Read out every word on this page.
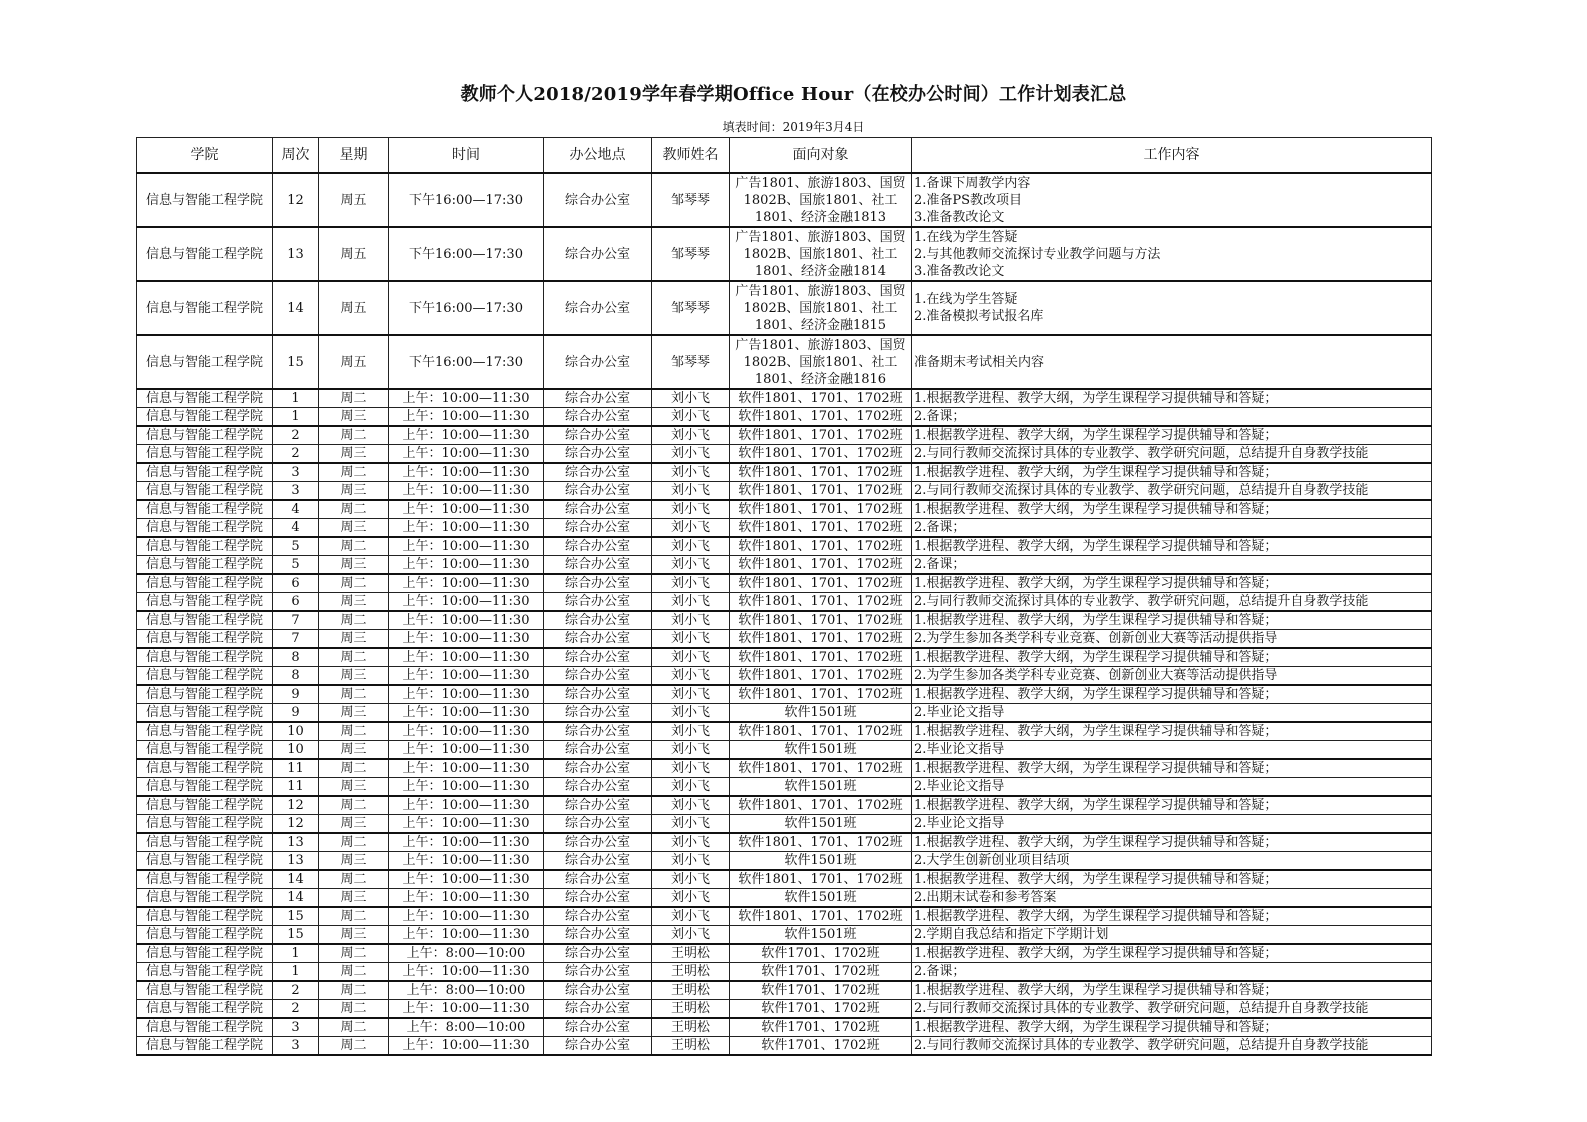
教师个人2018/2019学年春学期Office Hour（在校办公时间）工作计划表汇总
填表时间：2019年3月4日
学院	周次	星期	时间	办公地点	教师姓名	面向对象	工作内容
信息与智能工程学院	12	周五	下午16:00—17:30	综合办公室	邹琴琴	广告1801、旅游1803、国贸1802B、国旅1801、社工1801、经济金融1813	1.备课下周教学内容
2.准备PS教改项目
3.准备教改论文
信息与智能工程学院	13	周五	下午16:00—17:30	综合办公室	邹琴琴	广告1801、旅游1803、国贸1802B、国旅1801、社工1801、经济金融1814	1.在线为学生答疑
2.与其他教师交流探讨专业教学问题与方法
3.准备教改论文
信息与智能工程学院	14	周五	下午16:00—17:30	综合办公室	邹琴琴	广告1801、旅游1803、国贸1802B、国旅1801、社工1801、经济金融1815	1.在线为学生答疑
2.准备模拟考试报名库
信息与智能工程学院	15	周五	下午16:00—17:30	综合办公室	邹琴琴	广告1801、旅游1803、国贸1802B、国旅1801、社工1801、经济金融1816	准备期末考试相关内容
信息与智能工程学院	1	周二	上午：10:00—11:30	综合办公室	刘小飞	软件1801、1701、1702班	1.根据教学进程、教学大纲，为学生课程学习提供辅导和答疑；
信息与智能工程学院	1	周三	上午：10:00—11:30	综合办公室	刘小飞	软件1801、1701、1702班	2.备课；
信息与智能工程学院	2	周二	上午：10:00—11:30	综合办公室	刘小飞	软件1801、1701、1702班	1.根据教学进程、教学大纲，为学生课程学习提供辅导和答疑；
信息与智能工程学院	2	周三	上午：10:00—11:30	综合办公室	刘小飞	软件1801、1701、1702班	2.与同行教师交流探讨具体的专业教学、教学研究问题，总结提升自身教学技能
信息与智能工程学院	3	周二	上午：10:00—11:30	综合办公室	刘小飞	软件1801、1701、1702班	1.根据教学进程、教学大纲，为学生课程学习提供辅导和答疑；
信息与智能工程学院	3	周三	上午：10:00—11:30	综合办公室	刘小飞	软件1801、1701、1702班	2.与同行教师交流探讨具体的专业教学、教学研究问题，总结提升自身教学技能
信息与智能工程学院	4	周二	上午：10:00—11:30	综合办公室	刘小飞	软件1801、1701、1702班	1.根据教学进程、教学大纲，为学生课程学习提供辅导和答疑；
信息与智能工程学院	4	周三	上午：10:00—11:30	综合办公室	刘小飞	软件1801、1701、1702班	2.备课；
信息与智能工程学院	5	周二	上午：10:00—11:30	综合办公室	刘小飞	软件1801、1701、1702班	1.根据教学进程、教学大纲，为学生课程学习提供辅导和答疑；
信息与智能工程学院	5	周三	上午：10:00—11:30	综合办公室	刘小飞	软件1801、1701、1702班	2.备课；
信息与智能工程学院	6	周二	上午：10:00—11:30	综合办公室	刘小飞	软件1801、1701、1702班	1.根据教学进程、教学大纲，为学生课程学习提供辅导和答疑；
信息与智能工程学院	6	周三	上午：10:00—11:30	综合办公室	刘小飞	软件1801、1701、1702班	2.与同行教师交流探讨具体的专业教学、教学研究问题，总结提升自身教学技能
信息与智能工程学院	7	周二	上午：10:00—11:30	综合办公室	刘小飞	软件1801、1701、1702班	1.根据教学进程、教学大纲，为学生课程学习提供辅导和答疑；
信息与智能工程学院	7	周三	上午：10:00—11:30	综合办公室	刘小飞	软件1801、1701、1702班	2.为学生参加各类学科专业竞赛、创新创业大赛等活动提供指导
信息与智能工程学院	8	周二	上午：10:00—11:30	综合办公室	刘小飞	软件1801、1701、1702班	1.根据教学进程、教学大纲，为学生课程学习提供辅导和答疑；
信息与智能工程学院	8	周三	上午：10:00—11:30	综合办公室	刘小飞	软件1801、1701、1702班	2.为学生参加各类学科专业竞赛、创新创业大赛等活动提供指导
信息与智能工程学院	9	周二	上午：10:00—11:30	综合办公室	刘小飞	软件1801、1701、1702班	1.根据教学进程、教学大纲，为学生课程学习提供辅导和答疑；
信息与智能工程学院	9	周三	上午：10:00—11:30	综合办公室	刘小飞	软件1501班	2.毕业论文指导
信息与智能工程学院	10	周二	上午：10:00—11:30	综合办公室	刘小飞	软件1801、1701、1702班	1.根据教学进程、教学大纲，为学生课程学习提供辅导和答疑；
信息与智能工程学院	10	周三	上午：10:00—11:30	综合办公室	刘小飞	软件1501班	2.毕业论文指导
信息与智能工程学院	11	周二	上午：10:00—11:30	综合办公室	刘小飞	软件1801、1701、1702班	1.根据教学进程、教学大纲，为学生课程学习提供辅导和答疑；
信息与智能工程学院	11	周三	上午：10:00—11:30	综合办公室	刘小飞	软件1501班	2.毕业论文指导
信息与智能工程学院	12	周二	上午：10:00—11:30	综合办公室	刘小飞	软件1801、1701、1702班	1.根据教学进程、教学大纲，为学生课程学习提供辅导和答疑；
信息与智能工程学院	12	周三	上午：10:00—11:30	综合办公室	刘小飞	软件1501班	2.毕业论文指导
信息与智能工程学院	13	周二	上午：10:00—11:30	综合办公室	刘小飞	软件1801、1701、1702班	1.根据教学进程、教学大纲，为学生课程学习提供辅导和答疑；
信息与智能工程学院	13	周三	上午：10:00—11:30	综合办公室	刘小飞	软件1501班	2.大学生创新创业项目结项
信息与智能工程学院	14	周二	上午：10:00—11:30	综合办公室	刘小飞	软件1801、1701、1702班	1.根据教学进程、教学大纲，为学生课程学习提供辅导和答疑；
信息与智能工程学院	14	周三	上午：10:00—11:30	综合办公室	刘小飞	软件1501班	2.出期末试卷和参考答案
信息与智能工程学院	15	周二	上午：10:00—11:30	综合办公室	刘小飞	软件1801、1701、1702班	1.根据教学进程、教学大纲，为学生课程学习提供辅导和答疑；
信息与智能工程学院	15	周三	上午：10:00—11:30	综合办公室	刘小飞	软件1501班	2.学期自我总结和指定下学期计划
信息与智能工程学院	1	周二	上午：8:00—10:00	综合办公室	王明松	软件1701、1702班	1.根据教学进程、教学大纲，为学生课程学习提供辅导和答疑；
信息与智能工程学院	1	周二	上午：10:00—11:30	综合办公室	王明松	软件1701、1702班	2.备课；
信息与智能工程学院	2	周二	上午：8:00—10:00	综合办公室	王明松	软件1701、1702班	1.根据教学进程、教学大纲，为学生课程学习提供辅导和答疑；
信息与智能工程学院	2	周二	上午：10:00—11:30	综合办公室	王明松	软件1701、1702班	2.与同行教师交流探讨具体的专业教学、教学研究问题，总结提升自身教学技能
信息与智能工程学院	3	周二	上午：8:00—10:00	综合办公室	王明松	软件1701、1702班	1.根据教学进程、教学大纲，为学生课程学习提供辅导和答疑；
信息与智能工程学院	3	周二	上午：10:00—11:30	综合办公室	王明松	软件1701、1702班	2.与同行教师交流探讨具体的专业教学、教学研究问题，总结提升自身教学技能
